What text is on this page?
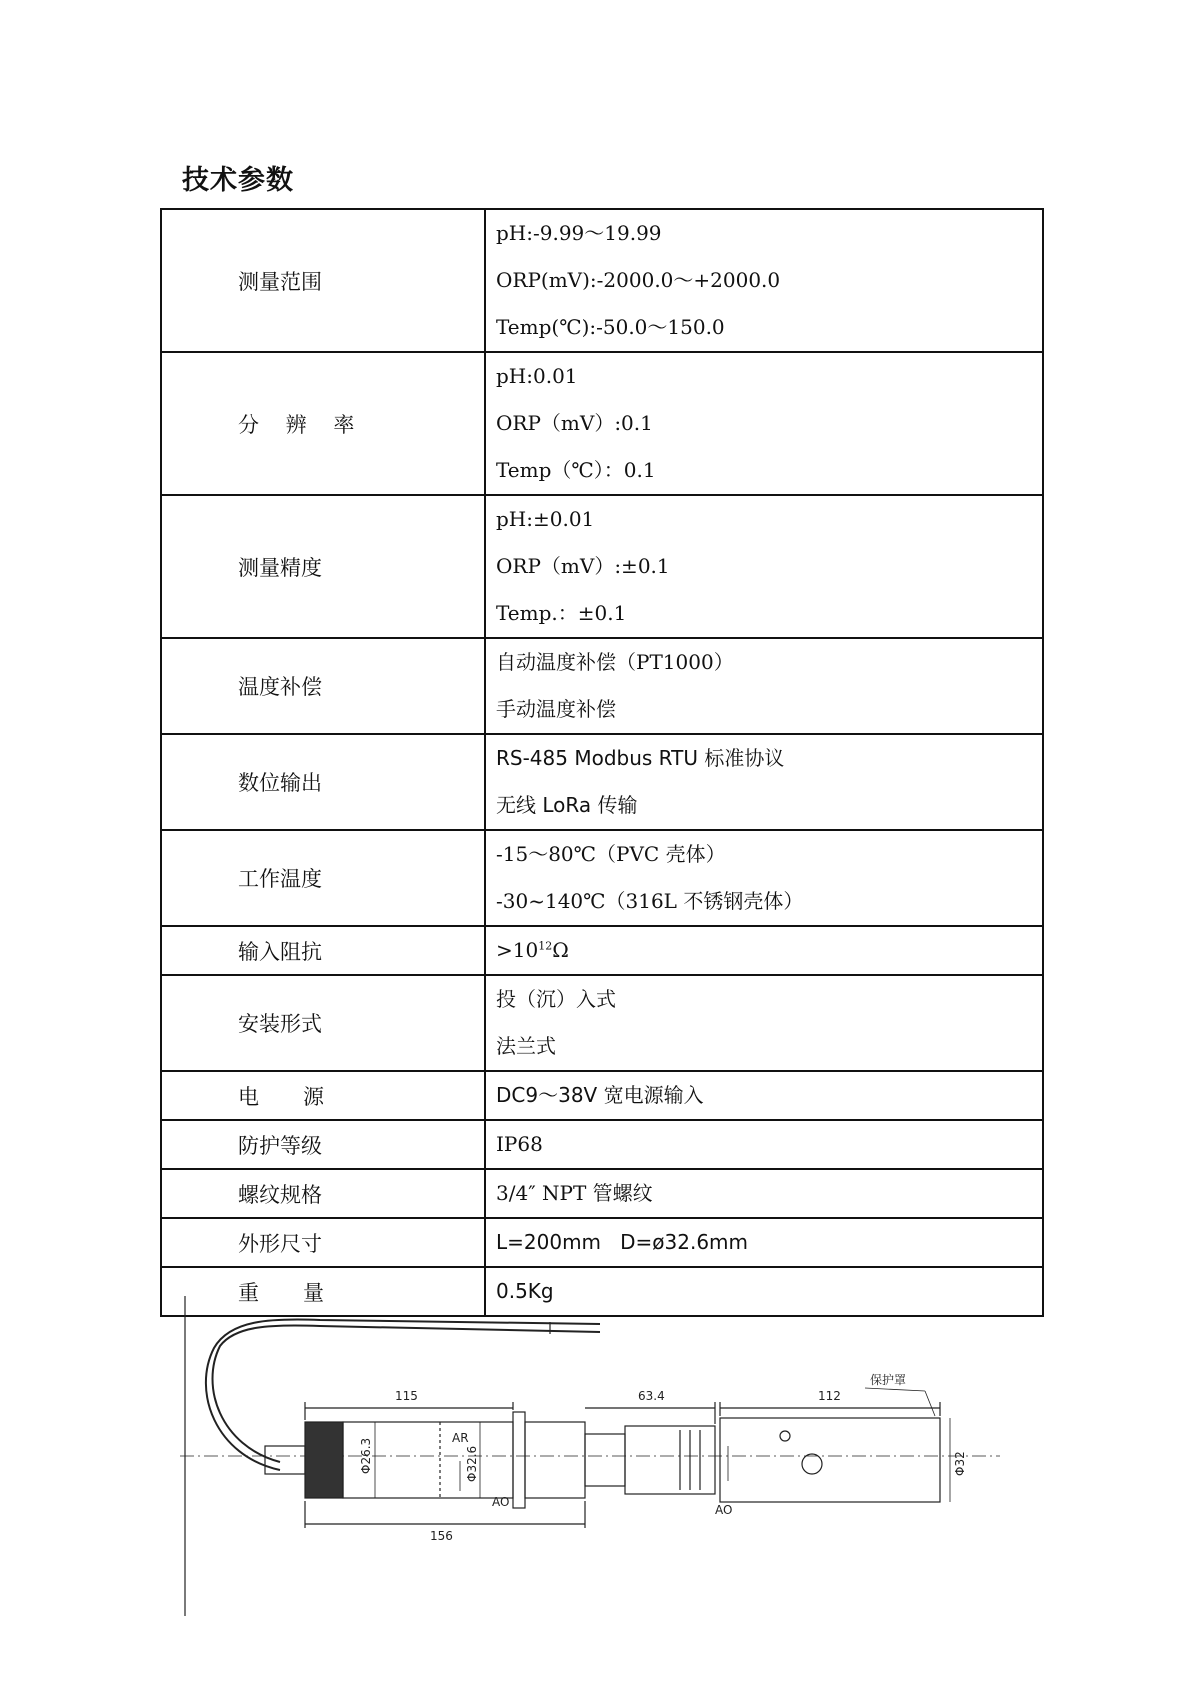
技术参数
测量范围	pH:-9.99～19.99
ORP(mV):-2000.0～+2000.0
Temp(℃):-50.0～150.0

分 辨 率	pH:0.01
ORP（mV）:0.1
Temp（℃）：0.1

测量精度	pH:±0.01
ORP（mV）:±0.1
Temp.：±0.1

温度补偿	自动温度补偿（PT1000）
手动温度补偿

数位输出	RS-485 Modbus RTU 标准协议
无线 LoRa 传输

工作温度	-15～80℃（PVC 壳体）
-30~140℃（316L 不锈钢壳体）

输入阻抗	$>10^{12}\Omega$

安装形式	投（沉）入式
法兰式

电源	DC9～38V 宽电源输入

防护等级	IP68

螺纹规格	3/4″ NPT 管螺纹

外形尺寸	L=200mm   D=ø32.6mm

重量	0.5Kg
115
156
63.4	112
Φ26.3	Φ32.6	Φ32
AR
AO
AO
保护罩
